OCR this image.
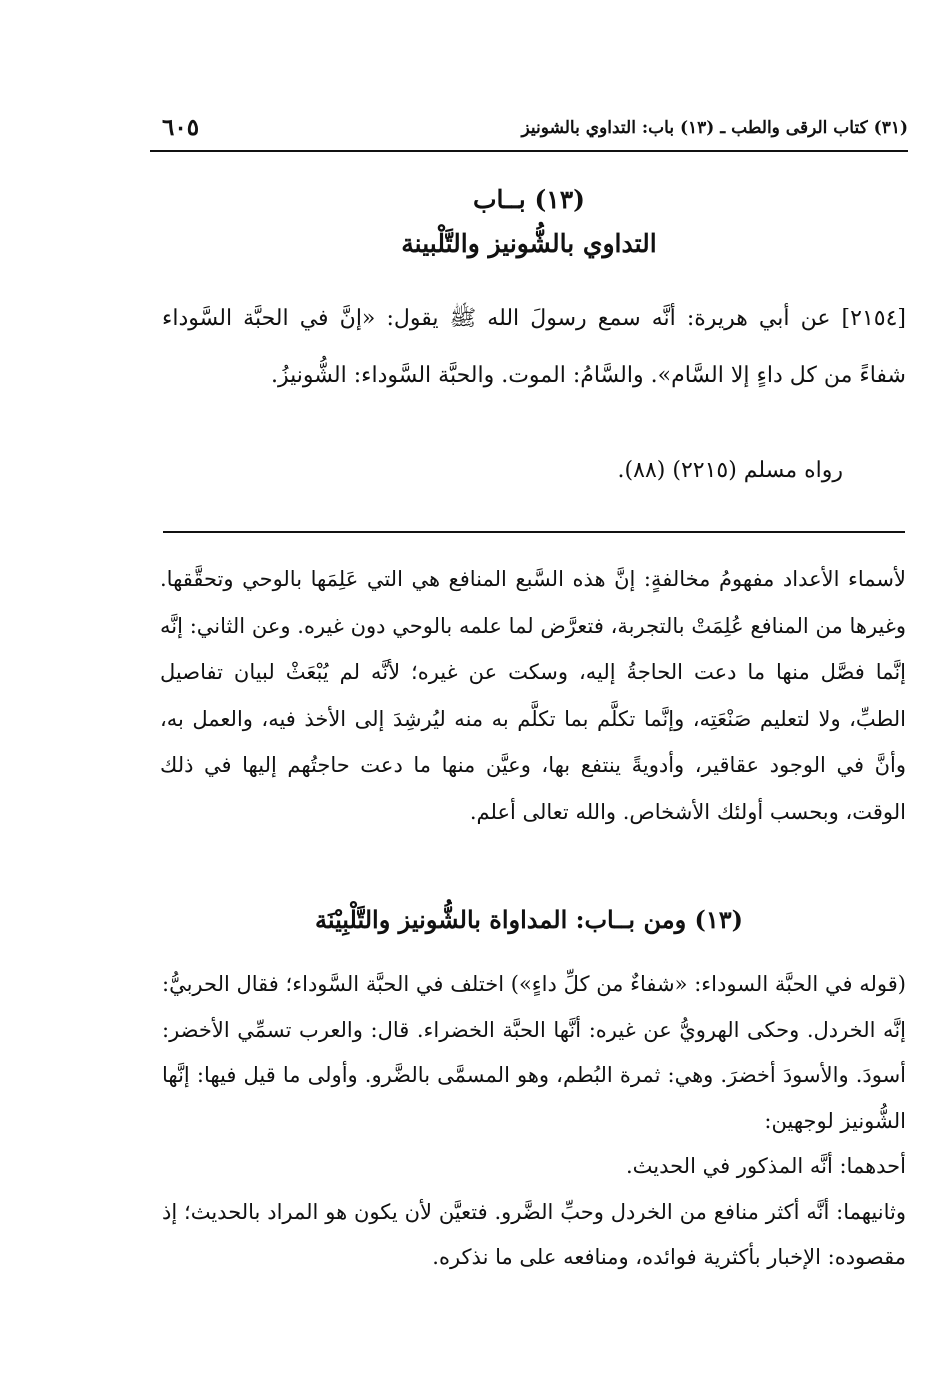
(٣١) كتاب الرقى والطب ـ (١٣) باب: التداوي بالشونيز
٦٠٥
(١٣) بــاب
التداوي بالشُّونيز والتَّلْبينة
[٢١٥٤] عن أبي هريرة: أنَّه سمع رسولَ الله ﷺ يقول: «إنَّ في الحبَّة السَّوداء شفاءً من كل داءٍ إلا السَّام». والسَّامُ: الموت. والحبَّة السَّوداء: الشُّونيزُ.
رواه مسلم (٢٢١٥) (٨٨).
لأسماء الأعداد مفهومُ مخالفةٍ: إنَّ هذه السَّبع المنافع هي التي عَلِمَها بالوحي وتحقَّقها. وغيرها من المنافع عُلِمَتْ بالتجربة، فتعرَّض لما علمه بالوحي دون غيره. وعن الثاني: إنَّه إنَّما فصَّل منها ما دعت الحاجةُ إليه، وسكت عن غيره؛ لأنَّه لم يُبْعَثْ لبيان تفاصيل الطبِّ، ولا لتعليم صَنْعَتِه، وإنَّما تكلَّم بما تكلَّم به منه ليُرشِدَ إلى الأخذ فيه، والعمل به، وأنَّ في الوجود عقاقير، وأدويةً ينتفع بها، وعيَّن منها ما دعت حاجتُهم إليها في ذلك الوقت، وبحسب أولئك الأشخاص. والله تعالى أعلم.
(١٣) ومن بــاب: المداواة بالشُّونيز والتَّلْبِيْنَة
(قوله في الحبَّة السوداء: «شفاءٌ من كلِّ داءٍ») اختلف في الحبَّة السَّوداء؛ فقال الحربيُّ: إنَّه الخردل. وحكى الهرويُّ عن غيره: أنَّها الحبَّة الخضراء. قال: والعرب تسمِّي الأخضر: أسودَ. والأسودَ أخضرَ. وهي: ثمرة البُطم، وهو المسمَّى بالضَّرو. وأولى ما قيل فيها: إنَّها الشُّونيز لوجهين:
أحدهما: أنَّه المذكور في الحديث.
وثانيهما: أنَّه أكثر منافع من الخردل وحبِّ الضَّرو. فتعيَّن لأن يكون هو المراد بالحديث؛ إذ مقصوده: الإخبار بأكثرية فوائده، ومنافعه على ما نذكره.
